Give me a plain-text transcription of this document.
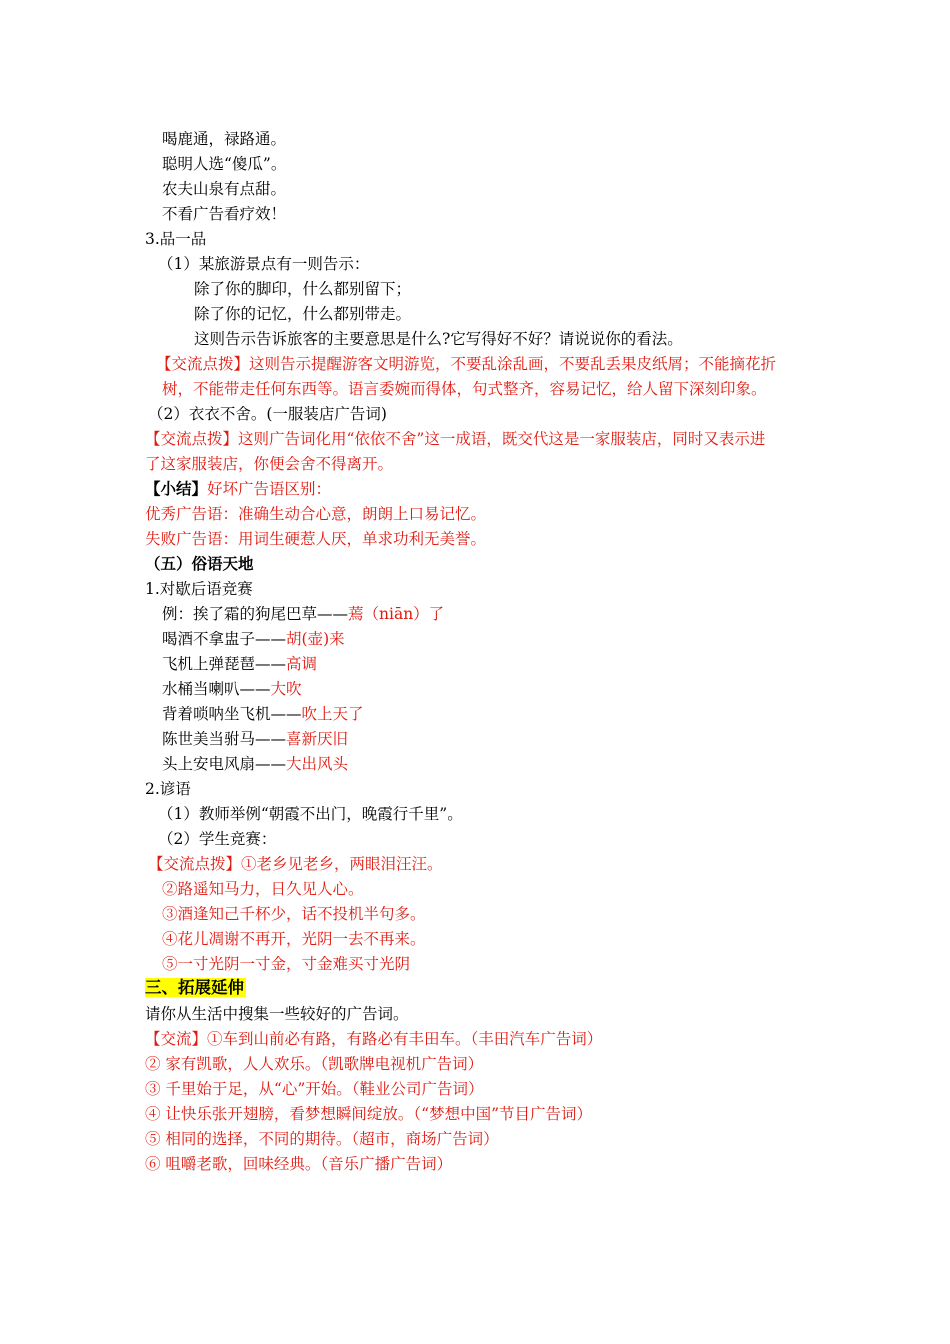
喝鹿通，禄路通。
聪明人选“傻瓜”。
农夫山泉有点甜。
不看广告看疗效！
3.品一品
（1）某旅游景点有一则告示：
除了你的脚印，什么都别留下；
除了你的记忆，什么都别带走。
这则告示告诉旅客的主要意思是什么?它写得好不好？请说说你的看法。
【交流点拨】这则告示提醒游客文明游览，不要乱涂乱画，不要乱丢果皮纸屑；不能摘花折
树，不能带走任何东西等。语言委婉而得体，句式整齐，容易记忆，给人留下深刻印象。
（2）衣衣不舍。(一服装店广告词)
【交流点拨】这则广告词化用“依依不舍”这一成语，既交代这是一家服装店，同时又表示进
了这家服装店，你便会舍不得离开。
【小结】好坏广告语区别：
优秀广告语：准确生动合心意，朗朗上口易记忆。
失败广告语：用词生硬惹人厌，单求功利无美誉。
（五）俗语天地
1.对歇后语竞赛
例：挨了霜的狗尾巴草——蔫（niān）了
喝酒不拿盅子——胡(壶)来
飞机上弹琵琶——高调
水桶当喇叭——大吹
背着唢呐坐飞机——吹上天了
陈世美当驸马——喜新厌旧
头上安电风扇——大出风头
2.谚语
（1）教师举例“朝霞不出门，晚霞行千里”。
（2）学生竞赛：
【交流点拨】①老乡见老乡，两眼泪汪汪。
②路遥知马力，日久见人心。
③酒逢知己千杯少，话不投机半句多。
④花儿凋谢不再开，光阴一去不再来。
⑤一寸光阴一寸金，寸金难买寸光阴
三、拓展延伸
请你从生活中搜集一些较好的广告词。
【交流】①车到山前必有路，有路必有丰田车。（丰田汽车广告词）
② 家有凯歌，人人欢乐。（凯歌牌电视机广告词）
③ 千里始于足，从“心”开始。（鞋业公司广告词）
④ 让快乐张开翅膀，看梦想瞬间绽放。（“梦想中国”节目广告词）
⑤ 相同的选择，不同的期待。（超市，商场广告词）
⑥ 咀嚼老歌，回味经典。（音乐广播广告词）
